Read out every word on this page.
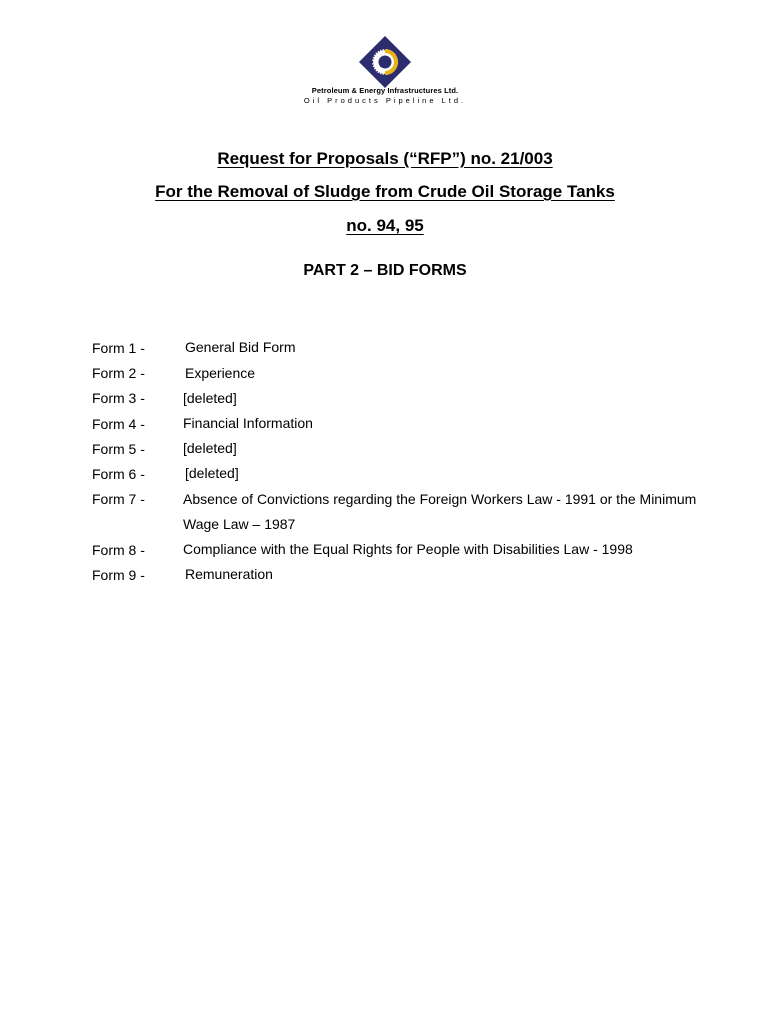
Petroleum & Energy Infrastructures Ltd.
Oil Products Pipeline Ltd.
Request for Proposals (“RFP”) no. 21/003
For the Removal of Sludge from Crude Oil Storage Tanks
no. 94, 95
PART 2 – BID FORMS
Form 1 -	General Bid Form
Form 2 -	Experience
Form 3 -	[deleted]
Form 4 -	Financial Information
Form 5 -	[deleted]
Form 6 -	[deleted]
Form 7 -	Absence of Convictions regarding the Foreign Workers Law - 1991 or the Minimum Wage Law – 1987
Form 8 -	Compliance with the Equal Rights for People with Disabilities Law - 1998
Form 9 -	Remuneration
